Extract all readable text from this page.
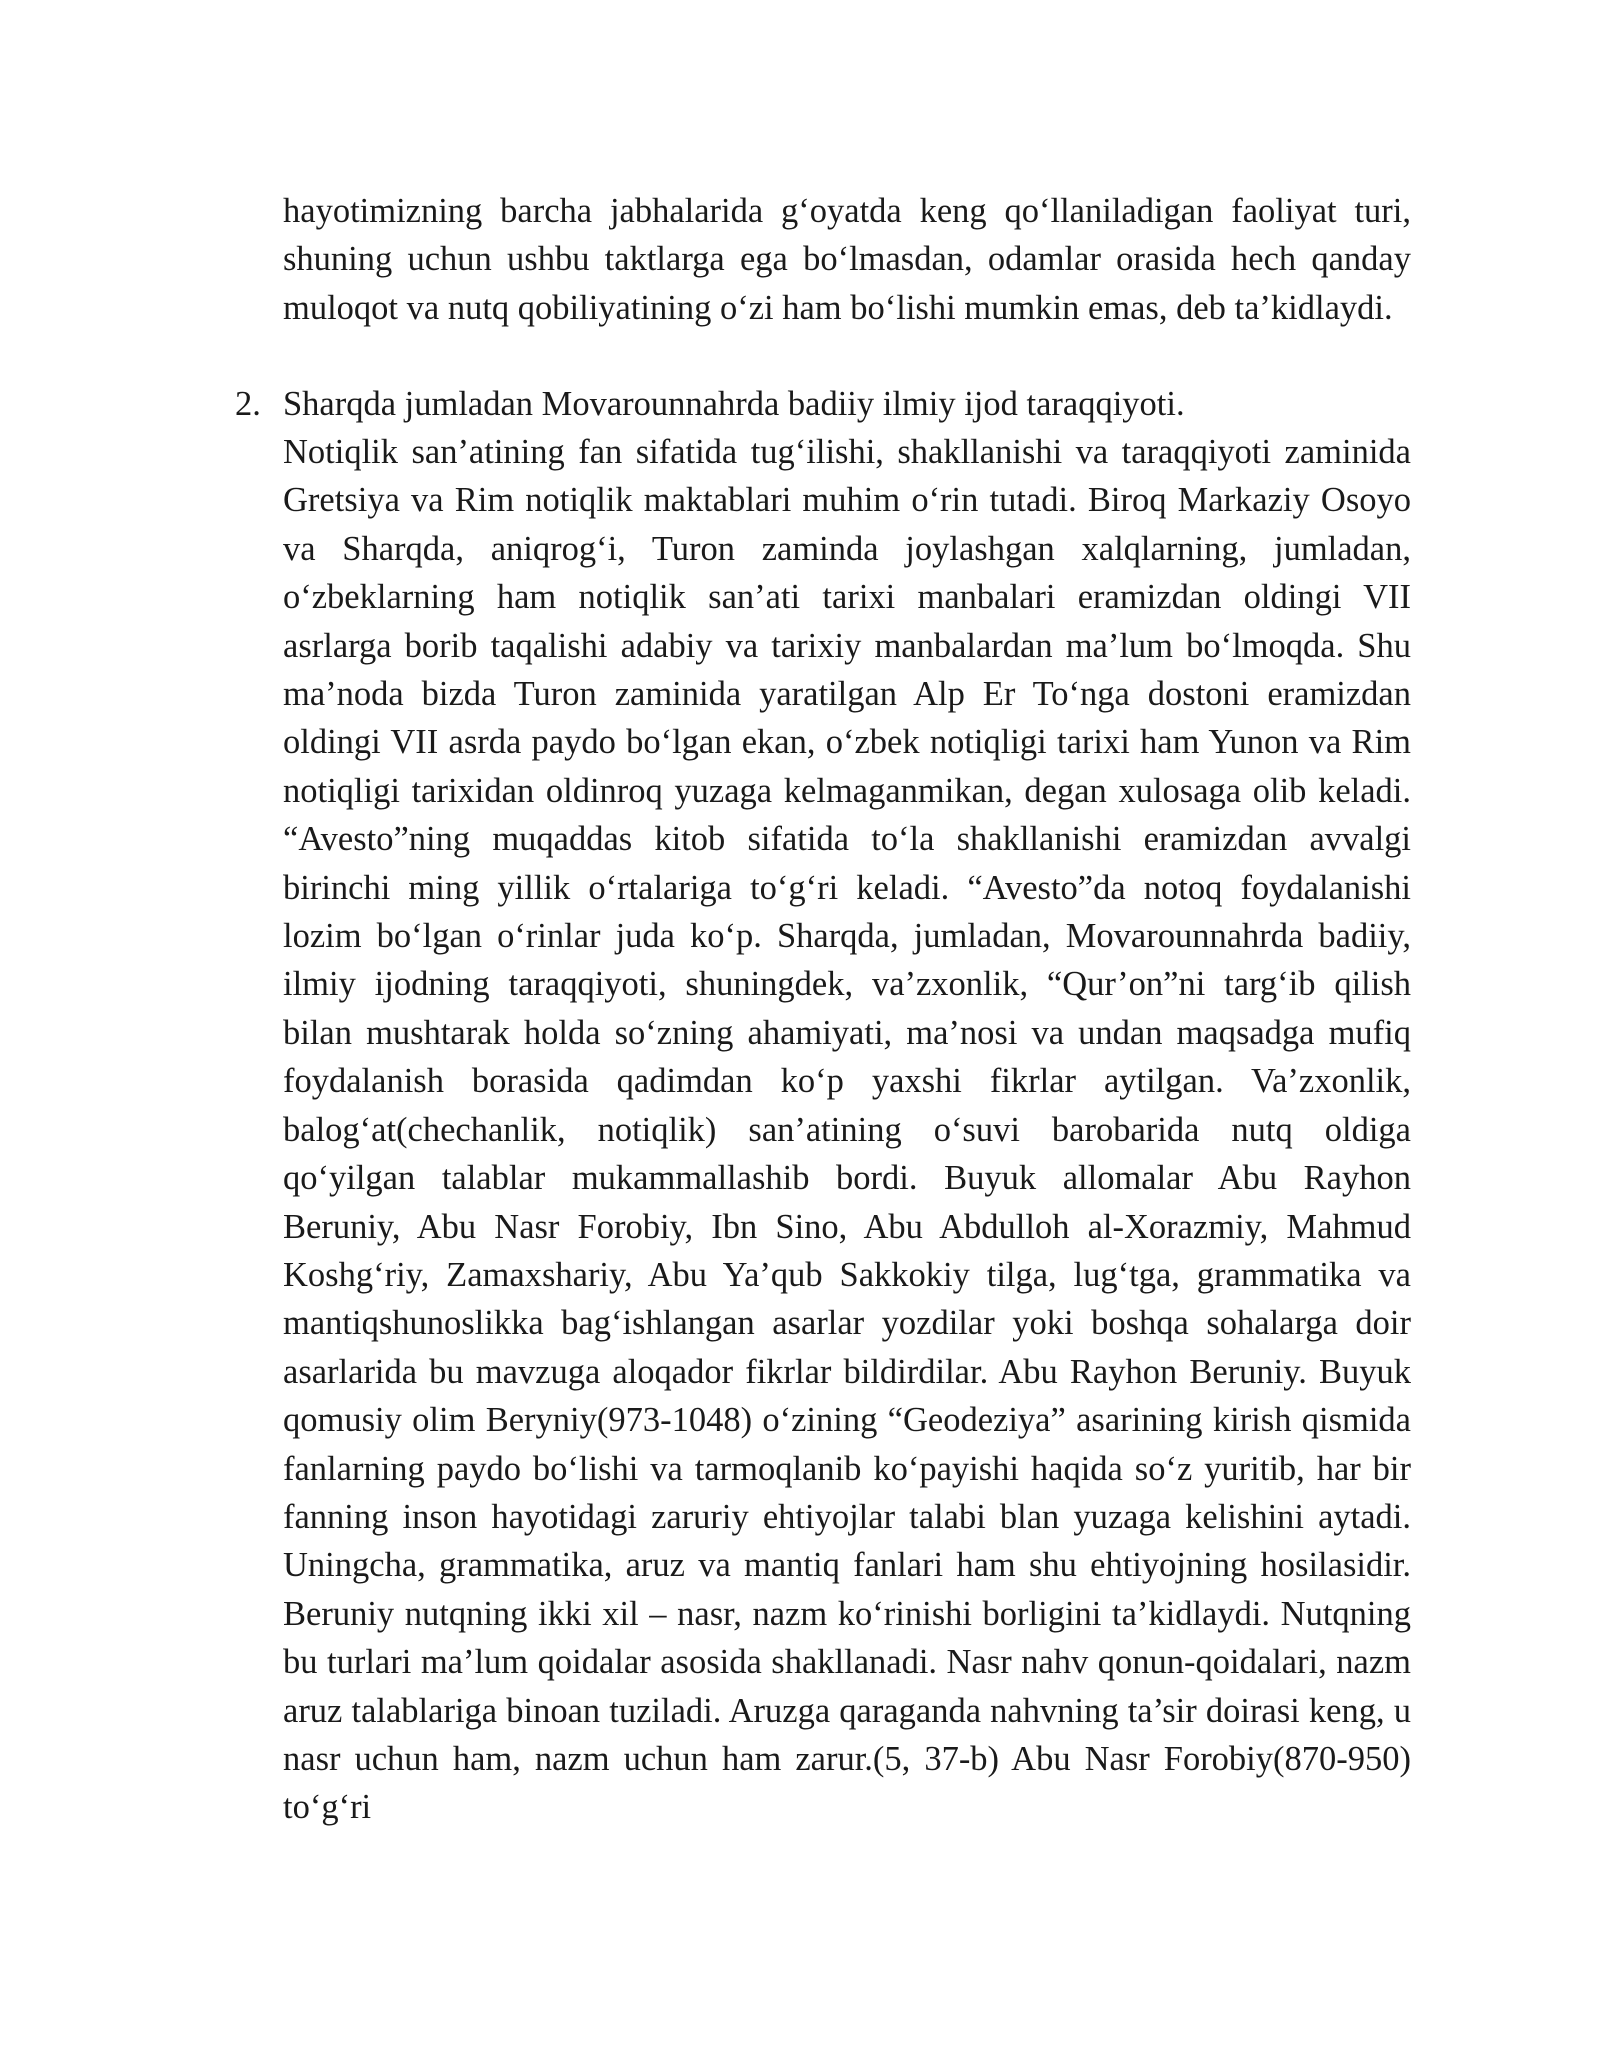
hayotimizning barcha jabhalarida g‘oyatda keng qo‘llaniladigan faoliyat turi, shuning uchun ushbu taktlarga ega bo‘lmasdan, odamlar orasida hech qanday muloqot va nutq qobiliyatining o‘zi ham bo‘lishi mumkin emas, deb ta’kidlaydi.
2. Sharqda jumladan Movarounnahrda badiiy ilmiy ijod taraqqiyoti.
Notiqlik san’atining fan sifatida tug‘ilishi, shakllanishi va taraqqiyoti zaminida Gretsiya va Rim notiqlik maktablari muhim o‘rin tutadi. Biroq Markaziy Osoyo va Sharqda, aniqrog‘i, Turon zaminda joylashgan xalqlarning, jumladan, o‘zbeklarning ham notiqlik san’ati tarixi manbalari eramizdan oldingi VII asrlarga borib taqalishi adabiy va tarixiy manbalardan ma’lum bo‘lmoqda. Shu ma’noda bizda Turon zaminida yaratilgan Alp Er To‘nga dostoni eramizdan oldingi VII asrda paydo bo‘lgan ekan, o‘zbek notiqligi tarixi ham Yunon va Rim notiqligi tarixidan oldinroq yuzaga kelmaganmikan, degan xulosaga olib keladi. “Avesto”ning muqaddas kitob sifatida to‘la shakllanishi eramizdan avvalgi birinchi ming yillik o‘rtalariga to‘g‘ri keladi. “Avesto”da notoq foydalanishi lozim bo‘lgan o‘rinlar juda ko‘p. Sharqda, jumladan, Movarounnahrda badiiy, ilmiy ijodning taraqqiyoti, shuningdek, va’zxonlik, “Qur’on”ni targ‘ib qilish bilan mushtarak holda so‘zning ahamiyati, ma’nosi va undan maqsadga mufiq foydalanish borasida qadimdan ko‘p yaxshi fikrlar aytilgan. Va’zxonlik, balog‘at(chechanlik, notiqlik) san’atining o‘suvi barobarida nutq oldiga qo‘yilgan talablar mukammallashib bordi. Buyuk allomalar Abu Rayhon Beruniy, Abu Nasr Forobiy, Ibn Sino, Abu Abdulloh al-Xorazmiy, Mahmud Koshg‘riy, Zamaxshariy, Abu Ya’qub Sakkokiy tilga, lug‘tga, grammatika va mantiqshunoslikka bag‘ishlangan asarlar yozdilar yoki boshqa sohalarga doir asarlarida bu mavzuga aloqador fikrlar bildirdilar. Abu Rayhon Beruniy. Buyuk qomusiy olim Beryniy(973-1048) o‘zining “Geodeziya” asarining kirish qismida fanlarning paydo bo‘lishi va tarmoqlanib ko‘payishi haqida so‘z yuritib, har bir fanning inson hayotidagi zaruriy ehtiyojlar talabi blan yuzaga kelishini aytadi. Uningcha, grammatika, aruz va mantiq fanlari ham shu ehtiyojning hosilasidir. Beruniy nutqning ikki xil – nasr, nazm ko‘rinishi borligini ta’kidlaydi. Nutqning bu turlari ma’lum qoidalar asosida shakllanadi. Nasr nahv qonun-qoidalari, nazm aruz talablariga binoan tuziladi. Aruzga qaraganda nahvning ta’sir doirasi keng, u nasr uchun ham, nazm uchun ham zarur.(5, 37-b) Abu Nasr Forobiy(870-950) to‘g‘ri
